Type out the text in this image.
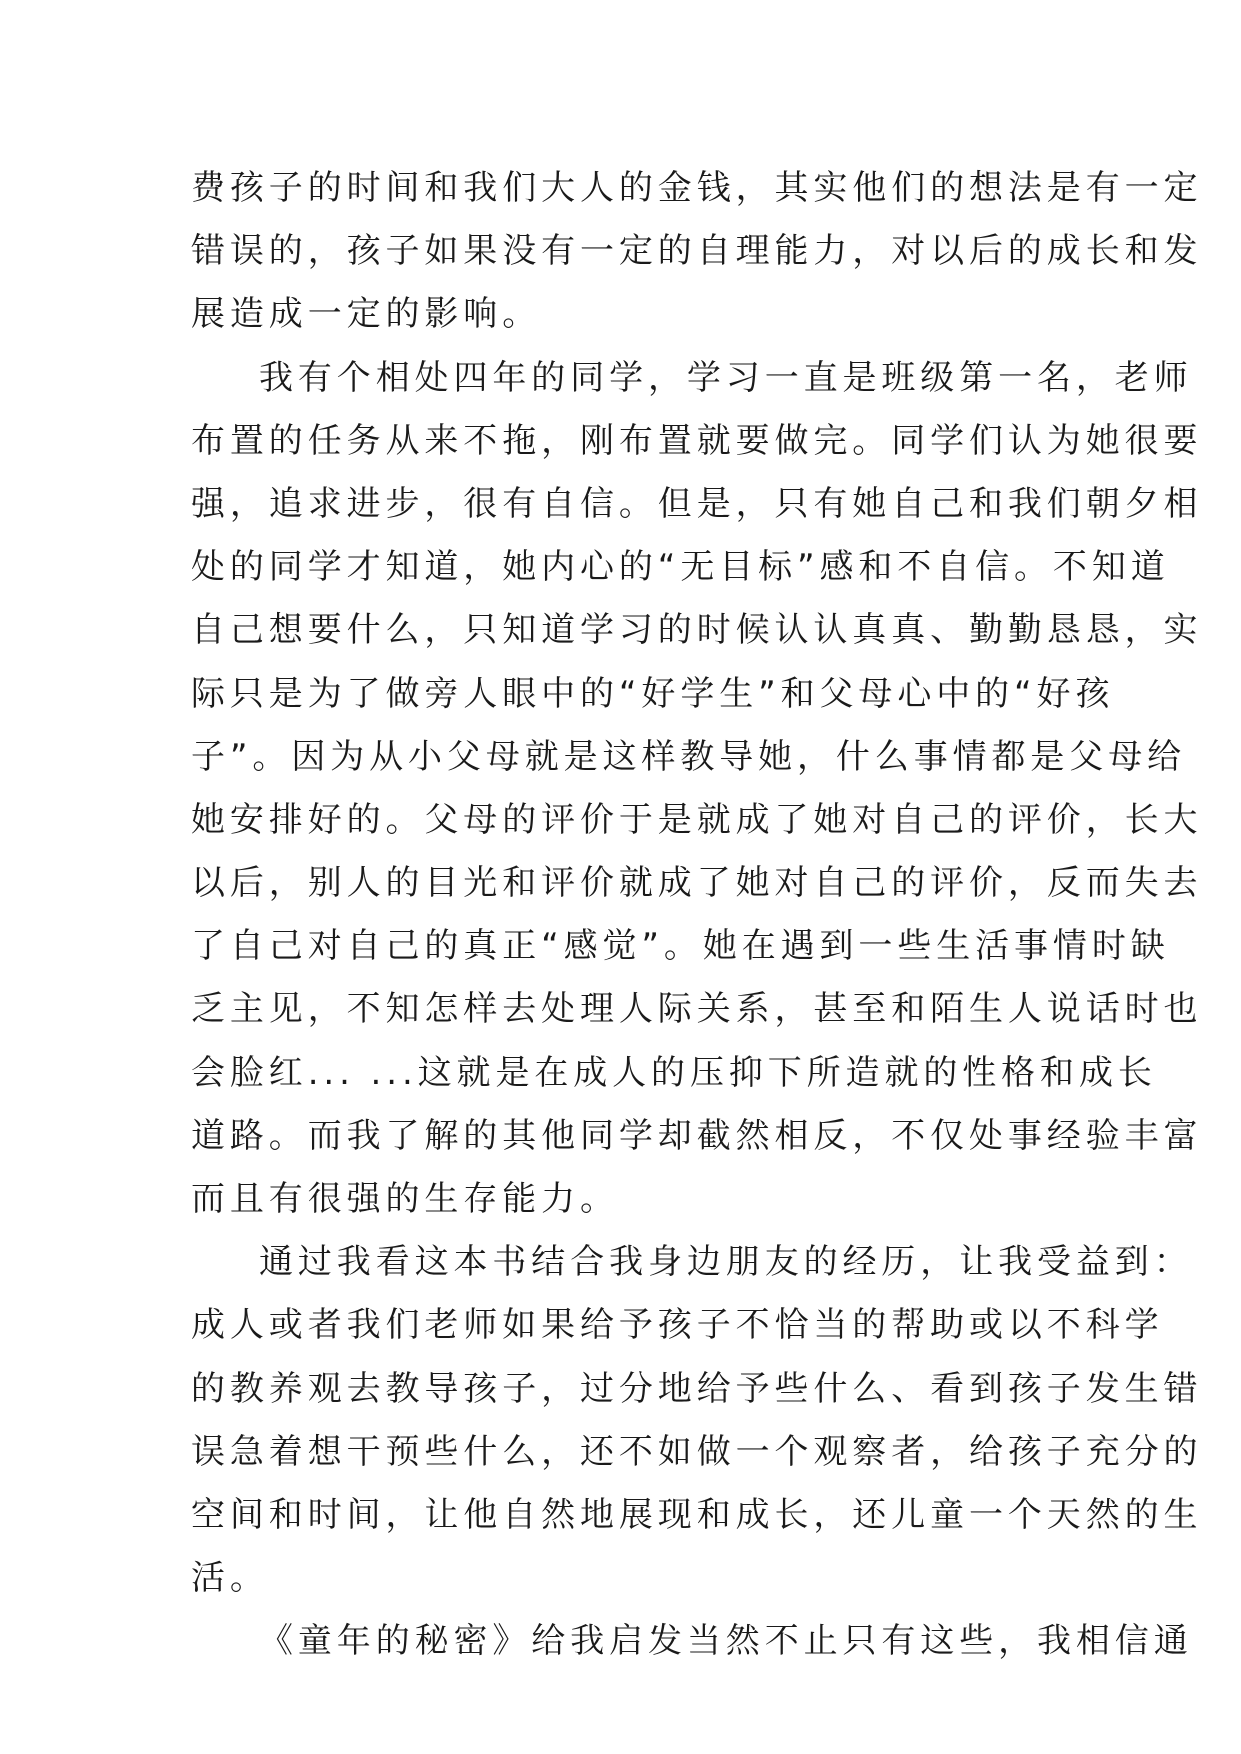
费孩子的时间和我们大人的金钱，其实他们的想法是有一定
错误的，孩子如果没有一定的自理能力，对以后的成长和发
展造成一定的影响。
我有个相处四年的同学，学习一直是班级第一名，老师
布置的任务从来不拖，刚布置就要做完。同学们认为她很要
强，追求进步，很有自信。但是，只有她自己和我们朝夕相
处的同学才知道，她内心的“无目标”感和不自信。不知道
自己想要什么，只知道学习的时候认认真真、勤勤恳恳，实
际只是为了做旁人眼中的“好学生”和父母心中的“好孩
子”。因为从小父母就是这样教导她，什么事情都是父母给
她安排好的。父母的评价于是就成了她对自己的评价，长大
以后，别人的目光和评价就成了她对自己的评价，反而失去
了自己对自己的真正“感觉”。她在遇到一些生活事情时缺
乏主见，不知怎样去处理人际关系，甚至和陌生人说话时也
会脸红... ...这就是在成人的压抑下所造就的性格和成长
道路。而我了解的其他同学却截然相反，不仅处事经验丰富
而且有很强的生存能力。
通过我看这本书结合我身边朋友的经历，让我受益到：
成人或者我们老师如果给予孩子不恰当的帮助或以不科学
的教养观去教导孩子，过分地给予些什么、看到孩子发生错
误急着想干预些什么，还不如做一个观察者，给孩子充分的
空间和时间，让他自然地展现和成长，还儿童一个天然的生
活。
《童年的秘密》给我启发当然不止只有这些，我相信通
